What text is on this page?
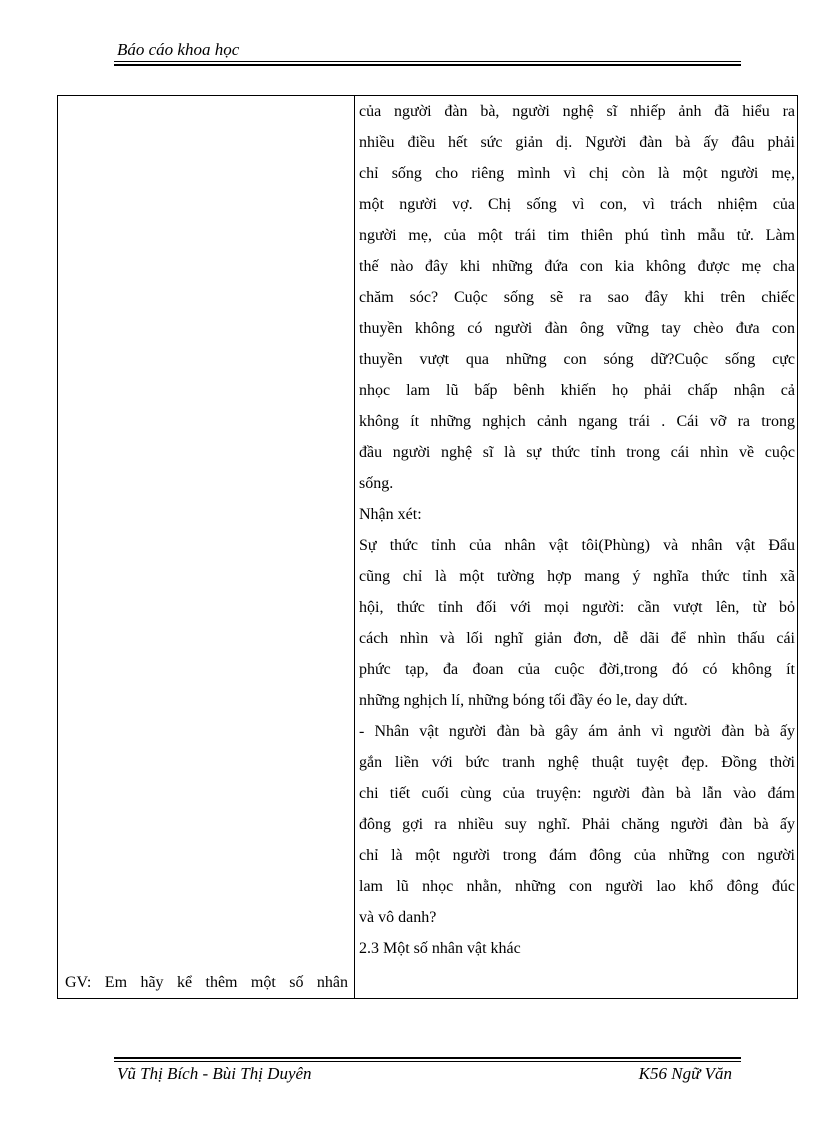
Báo cáo khoa học
GV: Em hãy kể thêm một số nhân
của người đàn bà, người nghệ sĩ nhiếp ảnh đã hiểu ra
nhiều điều hết sức giản dị. Người đàn bà ấy đâu phải
chỉ sống cho riêng mình vì chị còn là một người mẹ,
một người vợ. Chị sống vì con, vì trách nhiệm của
người mẹ, của một trái tim thiên phú tình mẫu tử. Làm
thế nào đây khi những đứa con kia không được mẹ cha
chăm sóc? Cuộc sống sẽ ra sao đây khi trên chiếc
thuyền không có người đàn ông vững tay chèo đưa con
thuyền vượt qua những con sóng dữ?Cuộc sống cực
nhọc lam lũ bấp bênh khiến họ phải chấp nhận cả
không ít những nghịch cảnh ngang trái . Cái vỡ ra trong
đầu người nghệ sĩ là sự thức tỉnh trong cái nhìn về cuộc
sống.
Nhận xét:
Sự thức tỉnh của nhân vật tôi(Phùng) và nhân vật Đẩu
cũng chỉ là một tường hợp mang ý nghĩa thức tỉnh xã
hội, thức tỉnh đối với mọi người: cần vượt lên, từ bỏ
cách nhìn và lối nghĩ giản đơn, dễ dãi để nhìn thấu cái
phức tạp, đa đoan của cuộc đời,trong đó có không ít
những nghịch lí, những bóng tối đầy éo le, day dứt.
- Nhân vật người đàn bà gây ám ảnh vì người đàn bà ấy
gắn liền với bức tranh nghệ thuật tuyệt đẹp. Đồng thời
chi tiết cuối cùng của truyện: người đàn bà lẫn vào đám
đông gợi ra nhiều suy nghĩ. Phải chăng người đàn bà ấy
chỉ là một người trong đám đông của những con người
lam lũ nhọc nhằn, những con người lao khổ đông đúc
và vô danh?
2.3 Một số nhân vật khác
Vũ Thị Bích - Bùi Thị Duyên	K56 Ngữ Văn
